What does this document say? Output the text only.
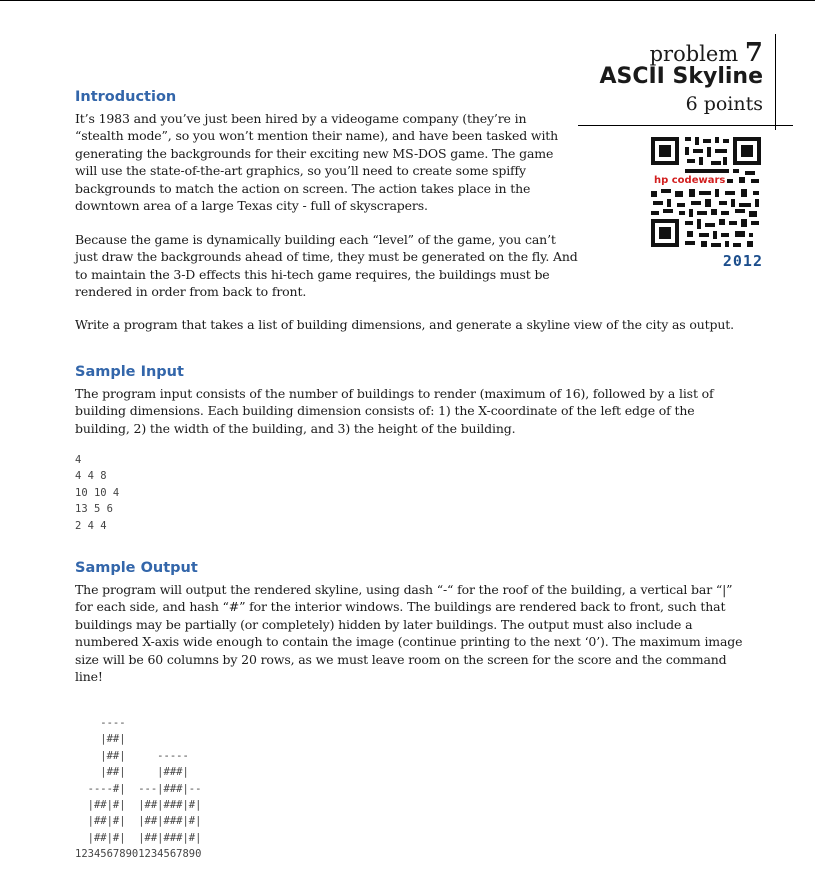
problem 7
ASCII Skyline
6 points
hp codewars
2012
Introduction

It’s 1983 and you’ve just been hired by a videogame company (they’re in “stealth mode”, so you won’t mention their name), and have been tasked with generating the backgrounds for their exciting new MS-DOS game. The game will use the state-of-the-art graphics, so you’ll need to create some spiffy backgrounds to match the action on screen. The action takes place in the downtown area of a large Texas city - full of skyscrapers.

Because the game is dynamically building each “level” of the game, you can’t just draw the backgrounds ahead of time, they must be generated on the fly. And to maintain the 3-D effects this hi-tech game requires, the buildings must be rendered in order from back to front.

Write a program that takes a list of building dimensions, and generate a skyline view of the city as output.

Sample Input

The program input consists of the number of buildings to render (maximum of 16), followed by a list of building dimensions. Each building dimension consists of: 1) the X-coordinate of the left edge of the building, 2) the width of the building, and 3) the height of the building.

4
4 4 8
10 10 4
13 5 6
2 4 4
Sample Output

The program will output the rendered skyline, using dash “-“ for the roof of the building, a vertical bar “|” for each side, and hash “#” for the interior windows. The buildings are rendered back to front, such that buildings may be partially (or completely) hidden by later buildings. The output must also include a numbered X-axis wide enough to contain the image (continue printing to the next ‘0’). The maximum image size will be 60 columns by 20 rows, as we must leave room on the screen for the score and the command line!

----
|##|
|##|     -----
|##|     |###|
----#|  ---|###|--
|##|#|  |##|###|#|
|##|#|  |##|###|#|
|##|#|  |##|###|#|
12345678901234567890
